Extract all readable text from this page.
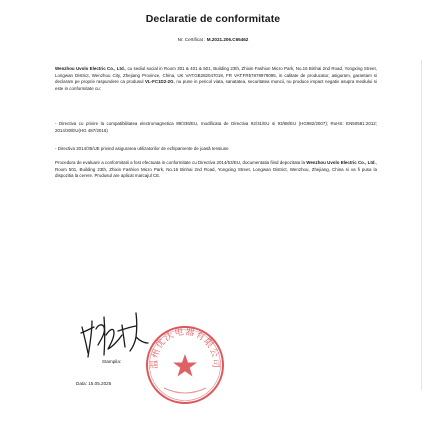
Declaratie de conformitate
Nr. Certificat : M.2021.206.C65462
Wenzhou Uvolo Electric Co., Ltd., cu sediul social in Room 301 & 401 & 501, Building 23th, Zhixin Fashion Micro Park, No.16 Binhai 2nd Road, Yongxing Street, Longwan District, Wenzhou City, Zhejiang Province, China, UK VAT:GB282047018, FR VAT:FR57878979095, in calitate de producator, asiguram, garantam si declaram pe proprie raspundere ca produsul VL-FC1D2-2G, nu pune in pericol viata, sanatatea, securitatea muncii, nu produce impact negativ asupra mediului si este in conformitate cu:
- Directiva cu privire la compatibilitatea electromagnetica 89/336/EU, modificata de Directiva 92/31/EU si 93/68/EU (HG982/2007); RoHS: EN50581:2012; 2014/30/EU(HG 487/2016)
- Directiva 2014/35/UE privind asigurarea utilizatorilor de echipamente de joasă tensiune
Procedura de evaluare a conformitatii a fost efectuata in conformitate cu Directiva 2014/53/EU, documentatia fiind depozitata la Wenzhou Uvolo Electric Co., Ltd., Room 501, Building 23th, Zhixin Fashion Micro Park, No.16 Binhai 2nd Road, Yongxing Street, Longwan District, Wenzhou, Zhejiang, China si va fi pusa la dispozitia la cerere. Produsul are aplicat marcajul CE.
Stampila:
Data: 15.05.2025
温州优沃电器有限公司
